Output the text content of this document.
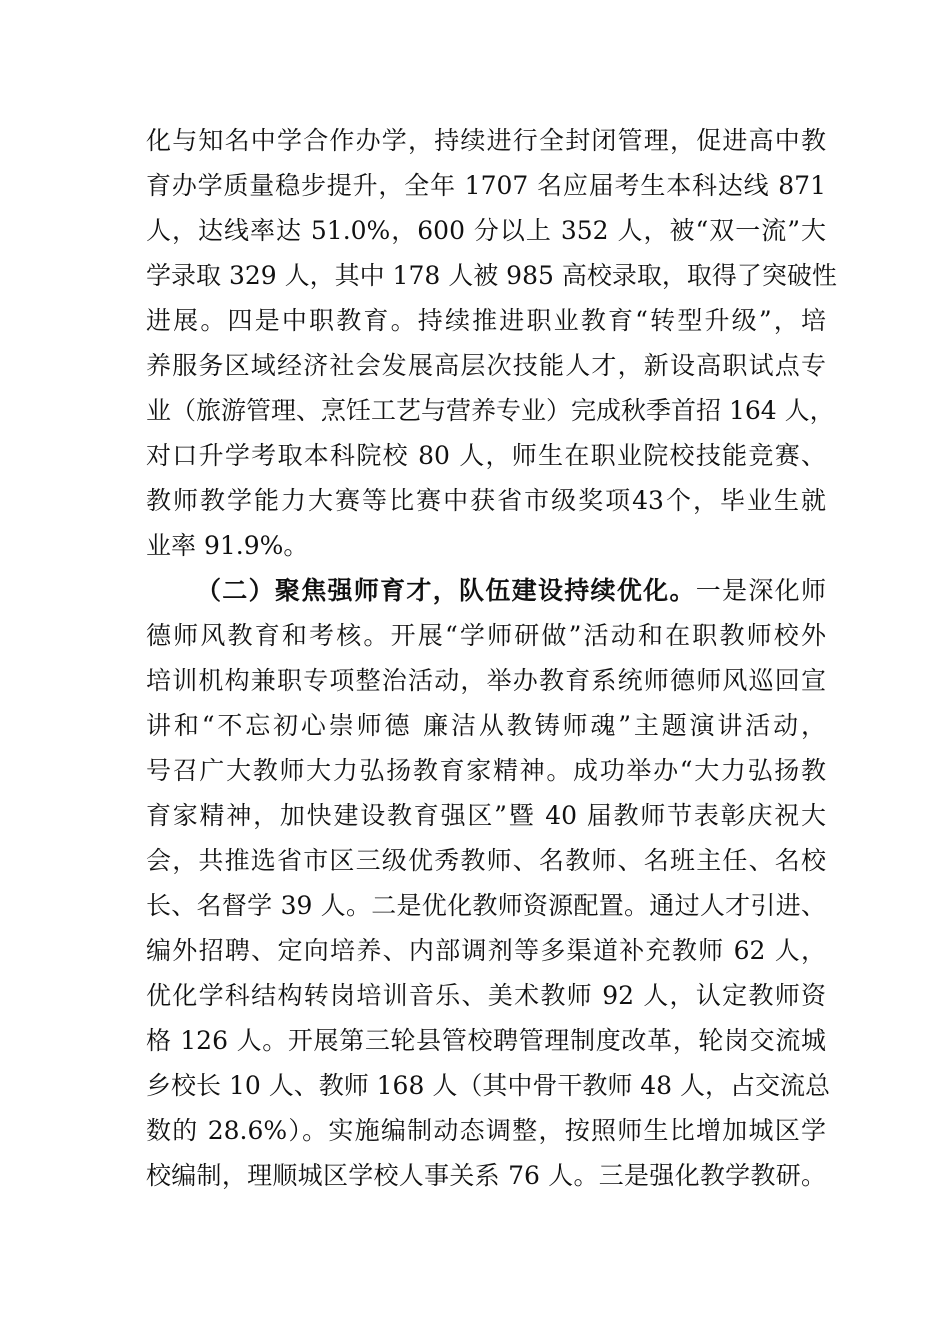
化与知名中学合作办学，持续进行全封闭管理，促进高中教
育办学质量稳步提升，全年 1707 名应届考生本科达线 871
人，达线率达 51.0%，600 分以上 352 人，被“双一流”大
学录取 329 人，其中 178 人被 985 高校录取，取得了突破性
进展。四是中职教育。持续推进职业教育“转型升级”，培
养服务区域经济社会发展高层次技能人才，新设高职试点专
业（旅游管理、烹饪工艺与营养专业）完成秋季首招 164 人，
对口升学考取本科院校 80 人，师生在职业院校技能竞赛、
教师教学能力大赛等比赛中获省市级奖项43个，毕业生就
业率 91.9%。
（二）聚焦强师育才，队伍建设持续优化。一是深化师
德师风教育和考核。开展“学师研做”活动和在职教师校外
培训机构兼职专项整治活动，举办教育系统师德师风巡回宣
讲和“不忘初心崇师德 廉洁从教铸师魂”主题演讲活动，
号召广大教师大力弘扬教育家精神。成功举办“大力弘扬教
育家精神，加快建设教育强区”暨 40 届教师节表彰庆祝大
会，共推选省市区三级优秀教师、名教师、名班主任、名校
长、名督学 39 人。二是优化教师资源配置。通过人才引进、
编外招聘、定向培养、内部调剂等多渠道补充教师 62 人，
优化学科结构转岗培训音乐、美术教师 92 人，认定教师资
格 126 人。开展第三轮县管校聘管理制度改革，轮岗交流城
乡校长 10 人、教师 168 人（其中骨干教师 48 人，占交流总
数的 28.6%）。实施编制动态调整，按照师生比增加城区学
校编制，理顺城区学校人事关系 76 人。三是强化教学教研。
